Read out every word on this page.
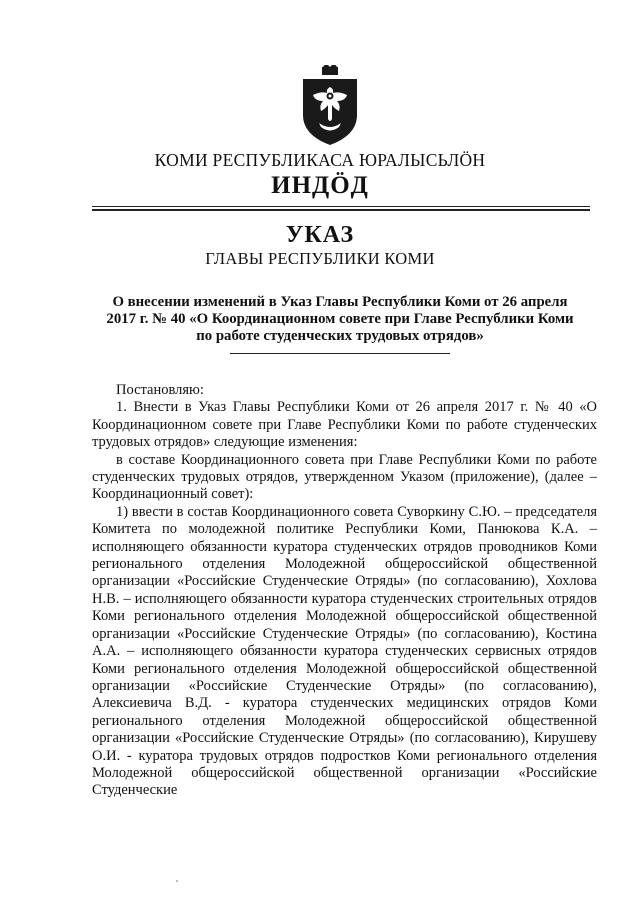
КОМИ РЕСПУБЛИКАСА ЮРАЛЫСЬЛÖН
ИНДÖД
УКАЗ
ГЛАВЫ РЕСПУБЛИКИ КОМИ
О внесении изменений в Указ Главы Республики Коми от 26 апреля 2017 г. № 40 «О Координационном совете при Главе Республики Коми по работе студенческих трудовых отрядов»

Постановляю:

1. Внести в Указ Главы Республики Коми от 26 апреля 2017 г. № 40 «О Координационном совете при Главе Республики Коми по работе студенческих трудовых отрядов» следующие изменения:

в составе Координационного совета при Главе Республики Коми по работе студенческих трудовых отрядов, утвержденном Указом (приложение), (далее – Координационный совет):

1) ввести в состав Координационного совета Суворкину С.Ю. – председателя Комитета по молодежной политике Республики Коми, Панюкова К.А. – исполняющего обязанности куратора студенческих отрядов проводников Коми регионального отделения Молодежной общероссийской общественной организации «Российские Студенческие Отряды» (по согласованию), Хохлова Н.В. – исполняющего обязанности куратора студенческих строительных отрядов Коми регионального отделения Молодежной общероссийской общественной организации «Российские Студенческие Отряды» (по согласованию), Костина А.А. – исполняющего обязанности куратора студенческих сервисных отрядов Коми регионального отделения Молодежной общероссийской общественной организации «Российские Студенческие Отряды» (по согласованию), Алексиевича В.Д. - куратора студенческих медицинских отрядов Коми регионального отделения Молодежной общероссийской общественной организации «Российские Студенческие Отряды» (по согласованию), Кирушеву О.И. - куратора трудовых отрядов подростков Коми регионального отделения Молодежной общероссийской общественной организации «Российские Студенческие
